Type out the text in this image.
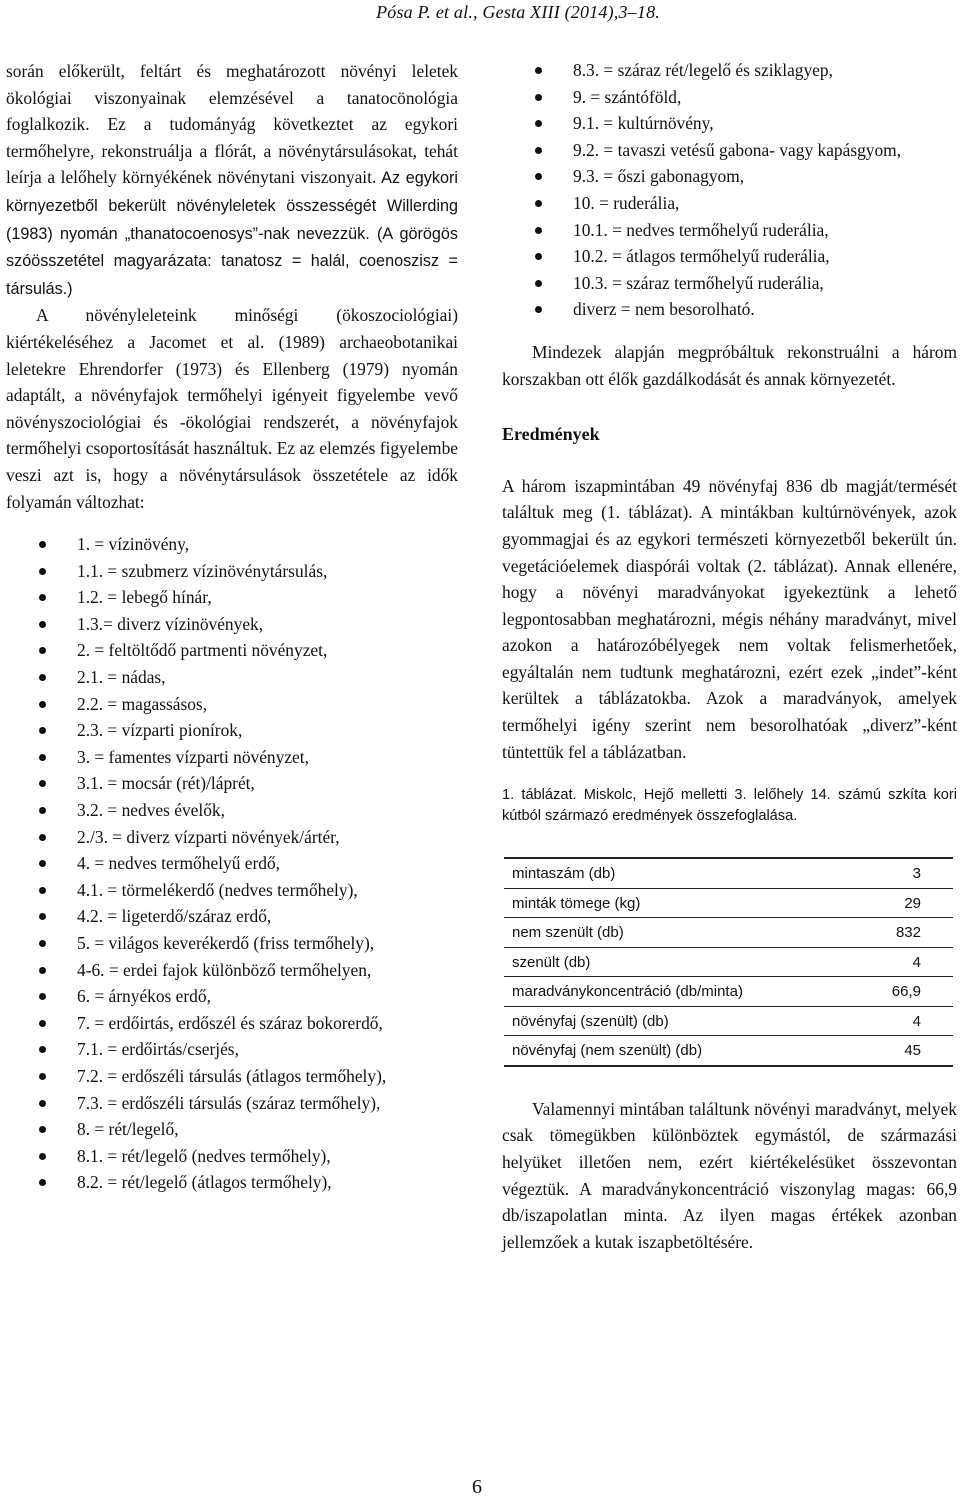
Pósa P. et al., Gesta XIII (2014),3–18.

során előkerült, feltárt és meghatározott növényi leletek ökológiai viszonyainak elemzésével a tanatocönológia foglalkozik. Ez a tudományág következtet az egykori termőhelyre, rekonstruálja a flórát, a növénytársulásokat, tehát leírja a lelőhely környékének növénytani viszonyait. Az egykori környezetből bekerült növényleletek összességét Willerding (1983) nyomán „thanatocoenosys”-nak nevezzük. (A görögös szóösszetétel magyarázata: tanatosz = halál, coenoszisz = társulás.)

A növényleleteink minőségi (ökoszociológiai) kiértékeléséhez a Jacomet et al. (1989) archaeobotanikai leletekre Ehrendorfer (1973) és Ellenberg (1979) nyomán adaptált, a növényfajok termőhelyi igényeit figyelembe vevő növényszociológiai és -ökológiai rendszerét, a növényfajok termőhelyi csoportosítását használtuk. Ez az elemzés figyelembe veszi azt is, hogy a növénytársulások összetétele az idők folyamán változhat:

1. = vízinövény,
1.1. = szubmerz vízinövénytársulás,
1.2. = lebegő hínár,
1.3.= diverz vízinövények,
2. = feltöltődő partmenti növényzet,
2.1. = nádas,
2.2. = magassásos,
2.3. = vízparti pionírok,
3. = famentes vízparti növényzet,
3.1. = mocsár (rét)/láprét,
3.2. = nedves évelők,
2./3. = diverz vízparti növények/ártér,
4. = nedves termőhelyű erdő,
4.1. = törmelékerdő (nedves termőhely),
4.2. = ligeterdő/száraz erdő,
5. = világos keverékerdő (friss termőhely),
4-6. = erdei fajok különböző termőhelyen,
6. = árnyékos erdő,
7. = erdőirtás, erdőszél és száraz bokorerdő,
7.1. = erdőirtás/cserjés,
7.2. = erdőszéli társulás (átlagos termőhely),
7.3. = erdőszéli társulás (száraz termőhely),
8. = rét/legelő,
8.1. = rét/legelő (nedves termőhely),
8.2. = rét/legelő (átlagos termőhely),
8.3. = száraz rét/legelő és sziklagyep,
9. = szántóföld,
9.1. = kultúrnövény,
9.2. = tavaszi vetésű gabona- vagy kapásgyom,
9.3. = őszi gabonagyom,
10. = ruderália,
10.1. = nedves termőhelyű ruderália,
10.2. = átlagos termőhelyű ruderália,
10.3. = száraz termőhelyű ruderália,
diverz = nem besorolható.

Mindezek alapján megpróbáltuk rekonstruálni a három korszakban ott élők gazdálkodását és annak környezetét.

Eredmények

A három iszapmintában 49 növényfaj 836 db magját/termését találtuk meg (1. táblázat). A mintákban kultúrnövények, azok gyommagjai és az egykori természeti környezetből bekerült ún. vegetációelemek diaspórái voltak (2. táblázat). Annak ellenére, hogy a növényi maradványokat igyekeztünk a lehető legpontosabban meghatározni, mégis néhány maradványt, mivel azokon a határozóbélyegek nem voltak felismerhetőek, egyáltalán nem tudtunk meghatározni, ezért ezek „indet”-ként kerültek a táblázatokba. Azok a maradványok, amelyek termőhelyi igény szerint nem besorolhatóak „diverz”-ként tüntettük fel a táblázatban.

1. táblázat. Miskolc, Hejő melletti 3. lelőhely 14. számú szkíta kori kútból származó eredmények összefoglalása.

mintaszám (db)	3
minták tömege (kg)	29
nem szenült (db)	832
szenült (db)	4
maradványkoncentráció (db/minta)	66,9
növényfaj (szenült) (db)	4
növényfaj (nem szenült) (db)	45

Valamennyi mintában találtunk növényi maradványt, melyek csak tömegükben különböztek egymástól, de származási helyüket illetően nem, ezért kiértékelésüket összevontan végeztük. A maradványkoncentráció viszonylag magas: 66,9 db/iszapolatlan minta. Az ilyen magas értékek azonban jellemzőek a kutak iszapbetöltésére.

6
